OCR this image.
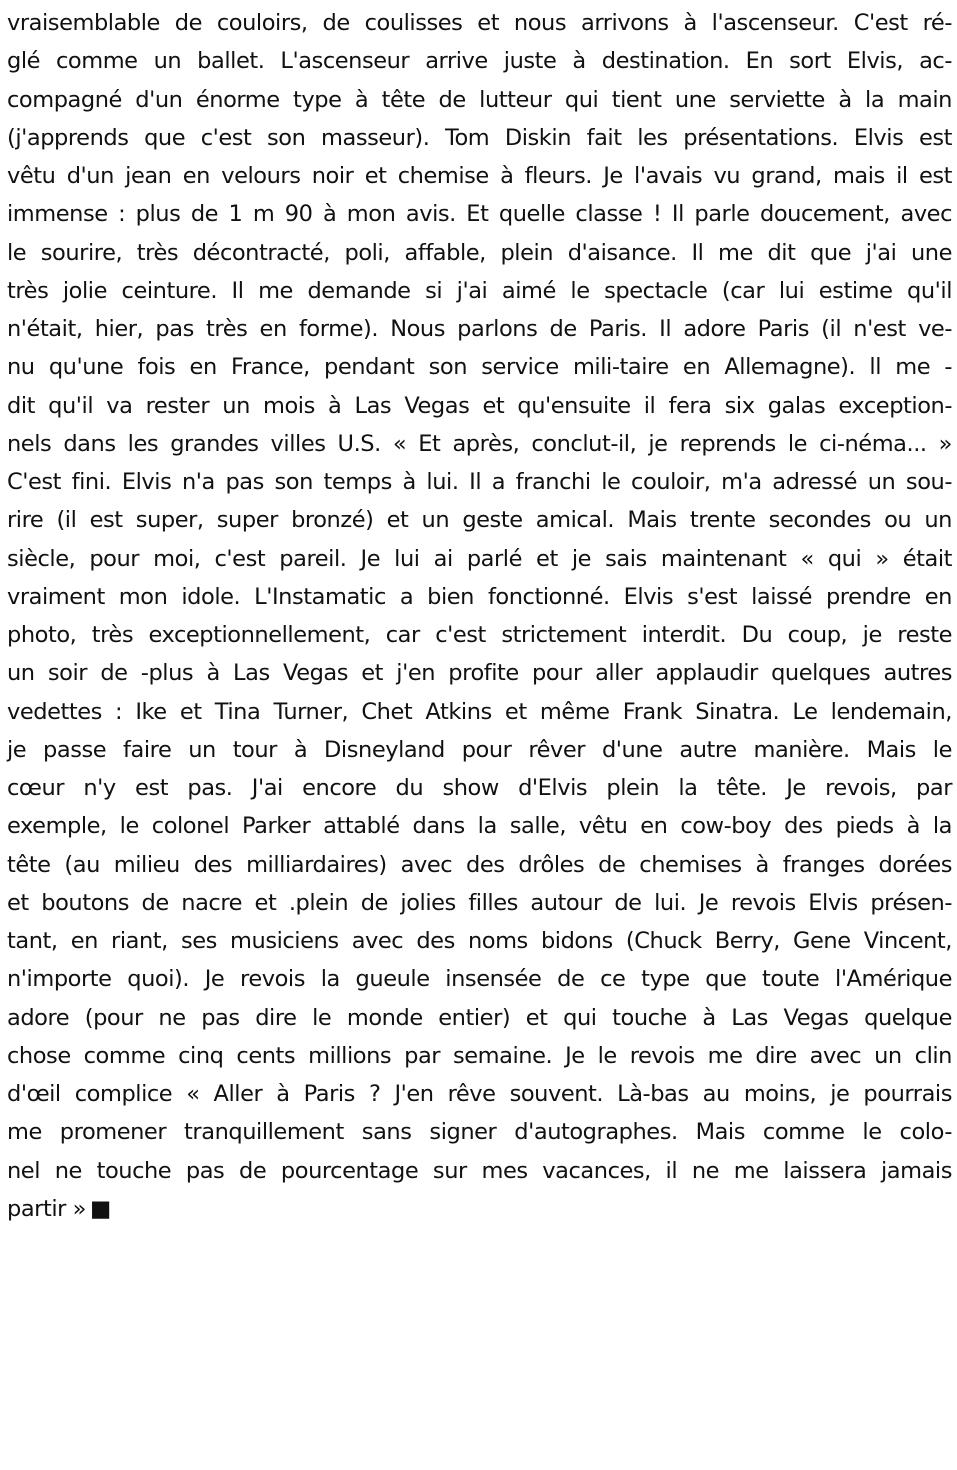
vraisemblable de couloirs, de coulisses et nous arrivons à l'ascenseur. C'est ré-
glé comme un ballet. L'ascenseur arrive juste à destination. En sort Elvis, ac-
compagné d'un énorme type à tête de lutteur qui tient une serviette à la main
(j'apprends que c'est son masseur). Tom Diskin fait les présentations. Elvis est
vêtu d'un jean en velours noir et chemise à fleurs. Je l'avais vu grand, mais il est
immense : plus de 1 m 90 à mon avis. Et quelle classe ! Il parle doucement, avec
le sourire, très décontracté, poli, affable, plein d'aisance. Il me dit que j'ai une
très jolie ceinture. Il me demande si j'ai aimé le spectacle (car lui estime qu'il
n'était, hier, pas très en forme). Nous parlons de Paris. Il adore Paris (il n'est ve-
nu qu'une fois en France, pendant son service mili-taire en Allemagne). ll me -
dit qu'il va rester un mois à Las Vegas et qu'ensuite il fera six galas exception-
nels dans les grandes villes U.S. « Et après, conclut-il, je reprends le ci-néma... »
C'est fini. Elvis n'a pas son temps à lui. Il a franchi le couloir, m'a adressé un sou-
rire (il est super, super bronzé) et un geste amical. Mais trente secondes ou un
siècle, pour moi, c'est pareil. Je lui ai parlé et je sais maintenant « qui » était
vraiment mon idole. L'Instamatic a bien fonctionné. Elvis s'est laissé prendre en
photo, très exceptionnellement, car c'est strictement interdit. Du coup, je reste
un soir de -plus à Las Vegas et j'en profite pour aller applaudir quelques autres
vedettes : Ike et Tina Turner, Chet Atkins et même Frank Sinatra. Le lendemain,
je passe faire un tour à Disneyland pour rêver d'une autre manière. Mais le
cœur n'y est pas. J'ai encore du show d'Elvis plein la tête. Je revois, par
exemple, le colonel Parker attablé dans la salle, vêtu en cow-boy des pieds à la
tête (au milieu des milliardaires) avec des drôles de chemises à franges dorées
et boutons de nacre et .plein de jolies filles autour de lui. Je revois Elvis présen-
tant, en riant, ses musiciens avec des noms bidons (Chuck Berry, Gene Vincent,
n'importe quoi). Je revois la gueule insensée de ce type que toute l'Amérique
adore (pour ne pas dire le monde entier) et qui touche à Las Vegas quelque
chose comme cinq cents millions par semaine. Je le revois me dire avec un clin
d'œil complice « Aller à Paris ? J'en rêve souvent. Là-bas au moins, je pourrais
me promener tranquillement sans signer d'autographes. Mais comme le colo-
nel ne touche pas de pourcentage sur mes vacances, il ne me laissera jamais
partir » ■
